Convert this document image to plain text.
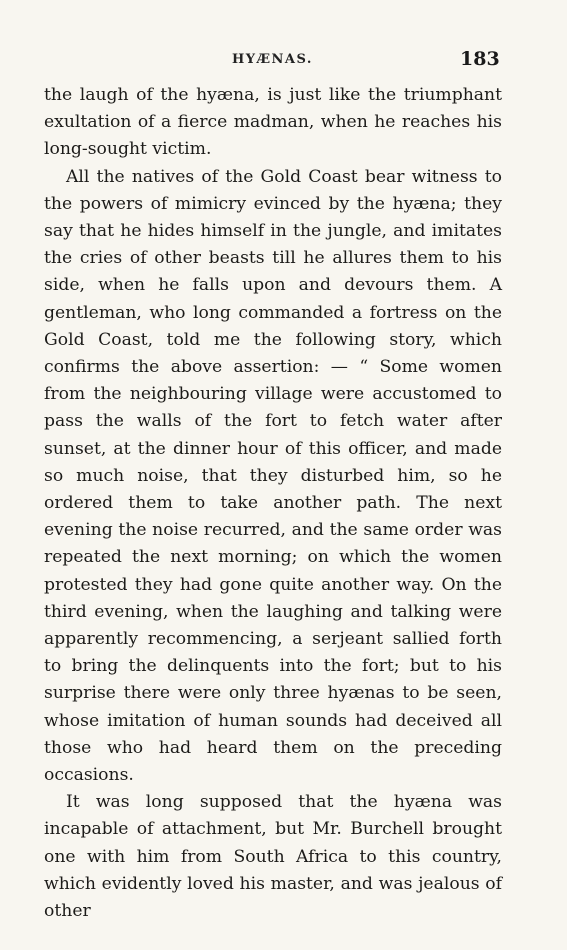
HYÆNAS.	183

the laugh of the hyæna, is just like the triumphant exultation of a fierce madman, when he reaches his long-sought victim.

All the natives of the Gold Coast bear witness to the powers of mimicry evinced by the hyæna; they say that he hides himself in the jungle, and imitates the cries of other beasts till he allures them to his side, when he falls upon and devours them. A gentleman, who long commanded a fortress on the Gold Coast, told me the following story, which confirms the above assertion: — “ Some women from the neighbouring village were accustomed to pass the walls of the fort to fetch water after sunset, at the dinner hour of this officer, and made so much noise, that they disturbed him, so he ordered them to take another path. The next evening the noise recurred, and the same order was repeated the next morning; on which the women protested they had gone quite another way. On the third evening, when the laughing and talking were apparently recommencing, a serjeant sallied forth to bring the delinquents into the fort; but to his surprise there were only three hyænas to be seen, whose imitation of human sounds had deceived all those who had heard them on the preceding occasions.

It was long supposed that the hyæna was incapable of attachment, but Mr. Burchell brought one with him from South Africa to this country, which evidently loved his master, and was jealous of other
